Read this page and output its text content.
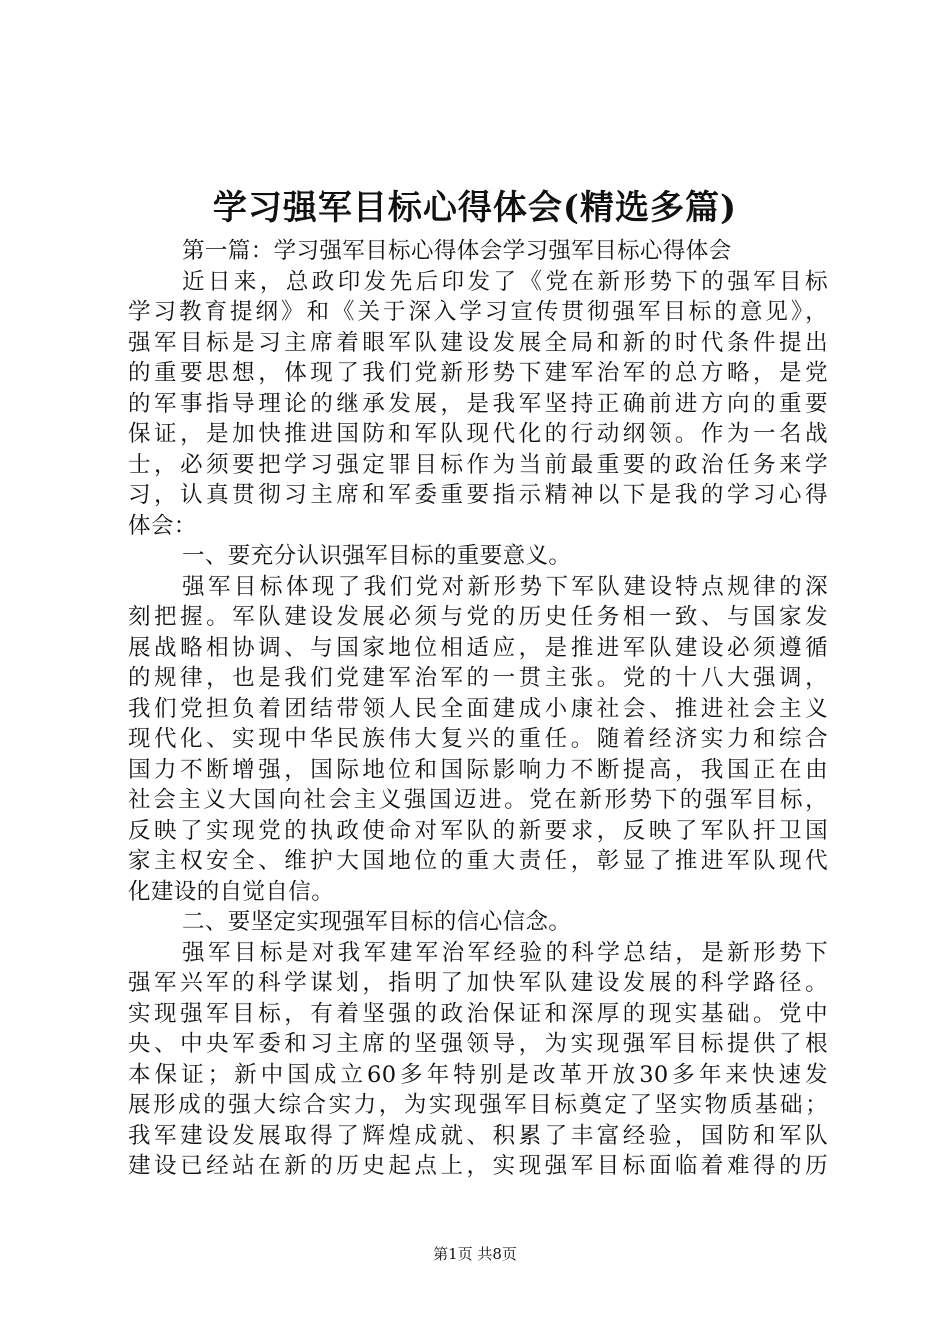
学习强军目标心得体会(精选多篇)
第一篇：学习强军目标心得体会学习强军目标心得体会
近日来，总政印发先后印发了《党在新形势下的强军目标
学习教育提纲》和《关于深入学习宣传贯彻强军目标的意见》，
强军目标是习主席着眼军队建设发展全局和新的时代条件提出
的重要思想，体现了我们党新形势下建军治军的总方略，是党
的军事指导理论的继承发展，是我军坚持正确前进方向的重要
保证，是加快推进国防和军队现代化的行动纲领。作为一名战
士，必须要把学习强定罪目标作为当前最重要的政治任务来学
习，认真贯彻习主席和军委重要指示精神以下是我的学习心得
体会：
一、要充分认识强军目标的重要意义。
强军目标体现了我们党对新形势下军队建设特点规律的深
刻把握。军队建设发展必须与党的历史任务相一致、与国家发
展战略相协调、与国家地位相适应，是推进军队建设必须遵循
的规律，也是我们党建军治军的一贯主张。党的十八大强调，
我们党担负着团结带领人民全面建成小康社会、推进社会主义
现代化、实现中华民族伟大复兴的重任。随着经济实力和综合
国力不断增强，国际地位和国际影响力不断提高，我国正在由
社会主义大国向社会主义强国迈进。党在新形势下的强军目标，
反映了实现党的执政使命对军队的新要求，反映了军队扞卫国
家主权安全、维护大国地位的重大责任，彰显了推进军队现代
化建设的自觉自信。
二、要坚定实现强军目标的信心信念。
强军目标是对我军建军治军经验的科学总结，是新形势下
强军兴军的科学谋划，指明了加快军队建设发展的科学路径。
实现强军目标，有着坚强的政治保证和深厚的现实基础。党中
央、中央军委和习主席的坚强领导，为实现强军目标提供了根
本保证；新中国成立60多年特别是改革开放30多年来快速发
展形成的强大综合实力，为实现强军目标奠定了坚实物质基础；
我军建设发展取得了辉煌成就、积累了丰富经验，国防和军队
建设已经站在新的历史起点上，实现强军目标面临着难得的历
第1页 共8页
